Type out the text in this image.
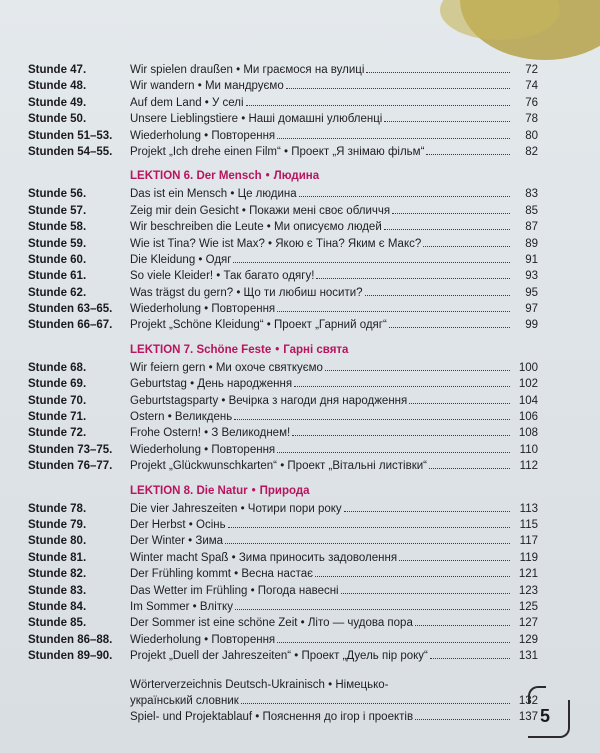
Stunde 47.	Wir spielen draußen • Ми граємося на вулиці	72
Stunde 48.	Wir wandern • Ми мандруємо	74
Stunde 49.	Auf dem Land • У селі	76
Stunde 50.	Unsere Lieblingstiere • Наші домашні улюбленці	78
Stunden 51–53.	Wiederholung • Повторення	80
Stunden 54–55.	Projekt „Ich drehe einen Film“ • Проект „Я знімаю фільм“	82
LEKTION 6. Der Mensch • Людина
Stunde 56.	Das ist ein Mensch • Це людина	83
Stunde 57.	Zeig mir dein Gesicht • Покажи мені своє обличчя	85
Stunde 58.	Wir beschreiben die Leute • Ми описуємо людей	87
Stunde 59.	Wie ist Tina? Wie ist Max? • Якою є Тіна? Яким є Макс?	89
Stunde 60.	Die Kleidung • Одяг	91
Stunde 61.	So viele Kleider! • Так багато одягу!	93
Stunde 62.	Was trägst du gern? • Що ти любиш носити?	95
Stunden 63–65.	Wiederholung • Повторення	97
Stunden 66–67.	Projekt „Schöne Kleidung“ • Проект „Гарний одяг“	99
LEKTION 7. Schöne Feste • Гарні свята
Stunde 68.	Wir feiern gern • Ми охоче святкуємо	100
Stunde 69.	Geburtstag • День народження	102
Stunde 70.	Geburtstagsparty • Вечірка з нагоди дня народження	104
Stunde 71.	Ostern • Великдень	106
Stunde 72.	Frohe Ostern! • З Великоднем!	108
Stunden 73–75.	Wiederholung • Повторення	110
Stunden 76–77.	Projekt „Glückwunschkarten“ • Проект „Вітальні листівки“	112
LEKTION 8. Die Natur • Природа
Stunde 78.	Die vier Jahreszeiten • Чотири пори року	113
Stunde 79.	Der Herbst • Осінь	115
Stunde 80.	Der Winter • Зима	117
Stunde 81.	Winter macht Spaß • Зима приносить задоволення	119
Stunde 82.	Der Frühling kommt • Весна настає	121
Stunde 83.	Das Wetter im Frühling • Погода навесні	123
Stunde 84.	Im Sommer • Влітку	125
Stunde 85.	Der Sommer ist eine schöne Zeit • Літо — чудова пора	127
Stunden 86–88.	Wiederholung • Повторення	129
Stunden 89–90.	Projekt „Duell der Jahreszeiten“ • Проект „Дуель пір року“	131
Wörterverzeichnis Deutsch-Ukrainisch • Німецько-
український словник	132
Spiel- und Projektablauf • Пояснення до ігор і проектів	137 5
